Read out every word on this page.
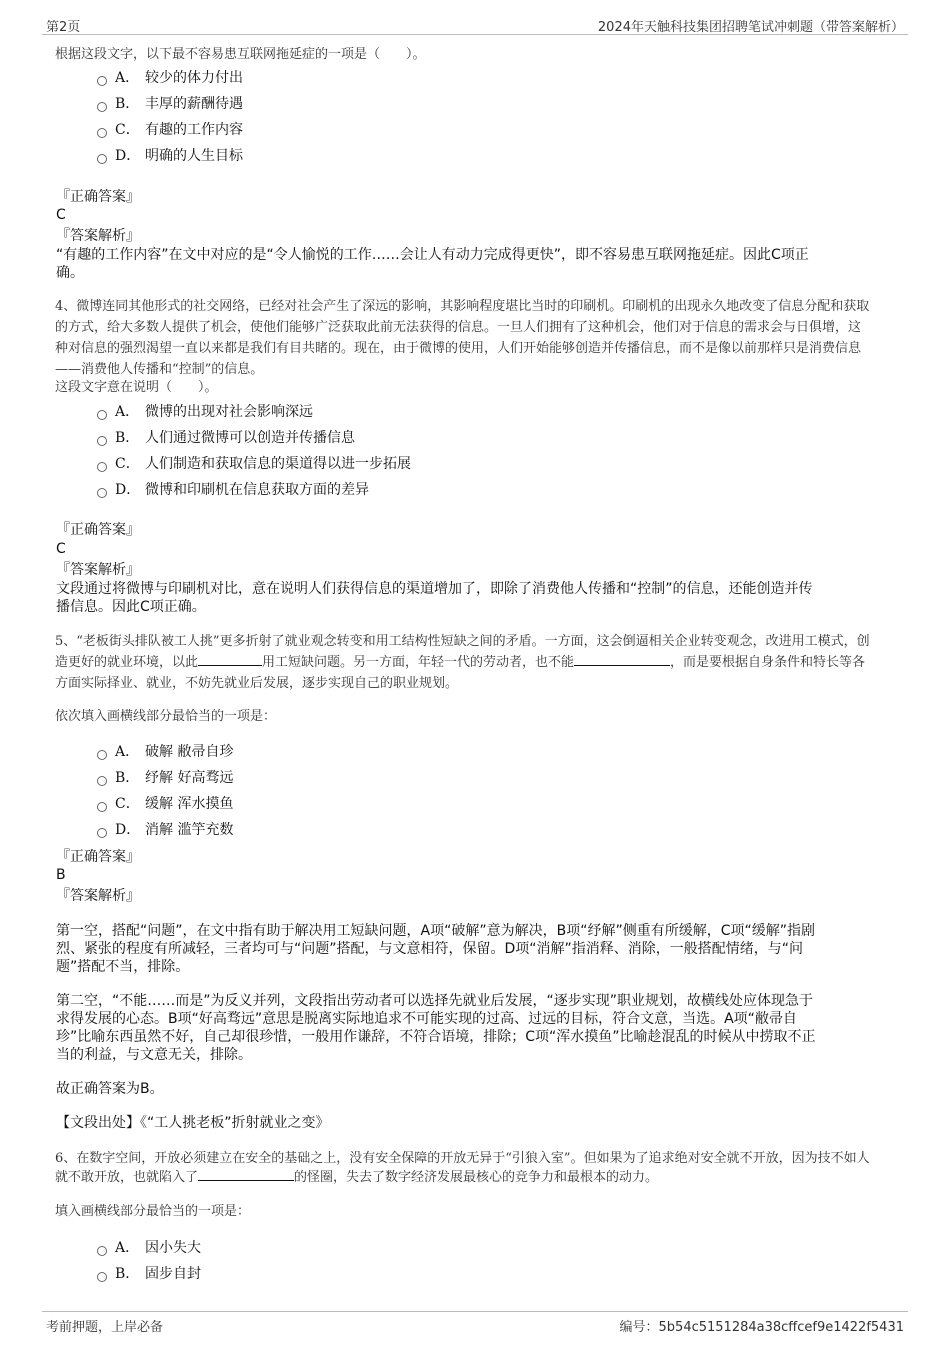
第2页	2024年天触科技集团招聘笔试冲刺题（带答案解析）
根据这段文字，以下最不容易患互联网拖延症的一项是（　　）。
A． 较少的体力付出
B． 丰厚的薪酬待遇
C． 有趣的工作内容
D． 明确的人生目标
『正确答案』
C
『答案解析』
“有趣的工作内容”在文中对应的是“令人愉悦的工作……会让人有动力完成得更快”，即不容易患互联网拖延症。因此C项正
确。
4、微博连同其他形式的社交网络，已经对社会产生了深远的影响，其影响程度堪比当时的印刷机。印刷机的出现永久地改变了信息分配和获取
的方式，给大多数人提供了机会，使他们能够广泛获取此前无法获得的信息。一旦人们拥有了这种机会，他们对于信息的需求会与日俱增，这
种对信息的强烈渴望一直以来都是我们有目共睹的。现在，由于微博的使用，人们开始能够创造并传播信息，而不是像以前那样只是消费信息
——消费他人传播和“控制”的信息。
这段文字意在说明（　　）。
A． 微博的出现对社会影响深远
B． 人们通过微博可以创造并传播信息
C． 人们制造和获取信息的渠道得以进一步拓展
D． 微博和印刷机在信息获取方面的差异
『正确答案』
C
『答案解析』
文段通过将微博与印刷机对比，意在说明人们获得信息的渠道增加了，即除了消费他人传播和“控制”的信息，还能创造并传
播信息。因此C项正确。
5、“老板街头排队被工人挑”更多折射了就业观念转变和用工结构性短缺之间的矛盾。一方面，这会倒逼相关企业转变观念，改进用工模式，创
造更好的就业环境，以此	用工短缺问题。另一方面，年轻一代的劳动者，也不能	，而是要根据自身条件和特长等各
方面实际择业、就业，不妨先就业后发展，逐步实现自己的职业规划。
依次填入画横线部分最恰当的一项是：
A． 破解 敝帚自珍
B． 纾解 好高骛远
C． 缓解 浑水摸鱼
D． 消解 滥竽充数
『正确答案』
B
『答案解析』
第一空，搭配“问题”，在文中指有助于解决用工短缺问题，A项“破解”意为解决，B项“纾解”侧重有所缓解，C项“缓解”指剧
烈、紧张的程度有所减轻，三者均可与“问题”搭配，与文意相符，保留。D项“消解”指消释、消除，一般搭配情绪，与“问
题”搭配不当，排除。
第二空，“不能……而是”为反义并列，文段指出劳动者可以选择先就业后发展，“逐步实现”职业规划，故横线处应体现急于
求得发展的心态。B项“好高骛远”意思是脱离实际地追求不可能实现的过高、过远的目标，符合文意，当选。A项“敝帚自
珍”比喻东西虽然不好，自己却很珍惜，一般用作谦辞，不符合语境，排除；C项“浑水摸鱼”比喻趁混乱的时候从中捞取不正
当的利益，与文意无关，排除。
故正确答案为B。
【文段出处】《“工人挑老板”折射就业之变》
6、在数字空间，开放必须建立在安全的基础之上，没有安全保障的开放无异于“引狼入室”。但如果为了追求绝对安全就不开放，因为技不如人
就不敢开放，也就陷入了	的怪圈，失去了数字经济发展最核心的竞争力和最根本的动力。
填入画横线部分最恰当的一项是：
A． 因小失大
B． 固步自封
考前押题，上岸必备	编号：5b54c5151284a38cffcef9e1422f5431
